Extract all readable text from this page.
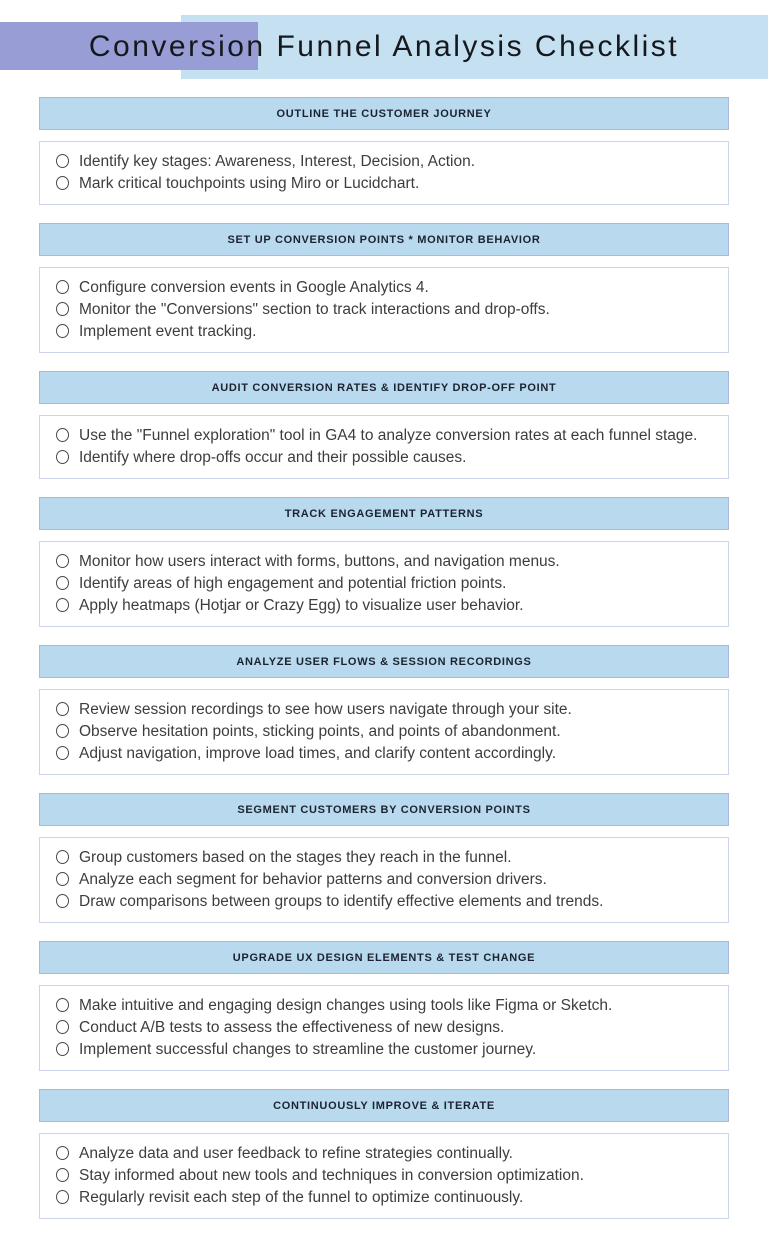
Conversion Funnel Analysis Checklist
OUTLINE THE CUSTOMER JOURNEY
Identify key stages: Awareness, Interest, Decision, Action.
Mark critical touchpoints using Miro or Lucidchart.
SET UP CONVERSION POINTS * MONITOR BEHAVIOR
Configure conversion events in Google Analytics 4.
Monitor the "Conversions" section to track interactions and drop-offs.
Implement event tracking.
AUDIT CONVERSION RATES & IDENTIFY DROP-OFF POINT
Use the "Funnel exploration" tool in GA4 to analyze conversion rates at each funnel stage.
Identify where drop-offs occur and their possible causes.
TRACK ENGAGEMENT PATTERNS
Monitor how users interact with forms, buttons, and navigation menus.
Identify areas of high engagement and potential friction points.
Apply heatmaps (Hotjar or Crazy Egg) to visualize user behavior.
ANALYZE USER FLOWS & SESSION RECORDINGS
Review session recordings to see how users navigate through your site.
Observe hesitation points, sticking points, and points of abandonment.
Adjust navigation, improve load times, and clarify content accordingly.
SEGMENT CUSTOMERS BY CONVERSION POINTS
Group customers based on the stages they reach in the funnel.
Analyze each segment for behavior patterns and conversion drivers.
Draw comparisons between groups to identify effective elements and trends.
UPGRADE UX DESIGN ELEMENTS & TEST CHANGE
Make intuitive and engaging design changes using tools like Figma or Sketch.
Conduct A/B tests to assess the effectiveness of new designs.
Implement successful changes to streamline the customer journey.
CONTINUOUSLY IMPROVE & ITERATE
Analyze data and user feedback to refine strategies continually.
Stay informed about new tools and techniques in conversion optimization.
Regularly revisit each step of the funnel to optimize continuously.
